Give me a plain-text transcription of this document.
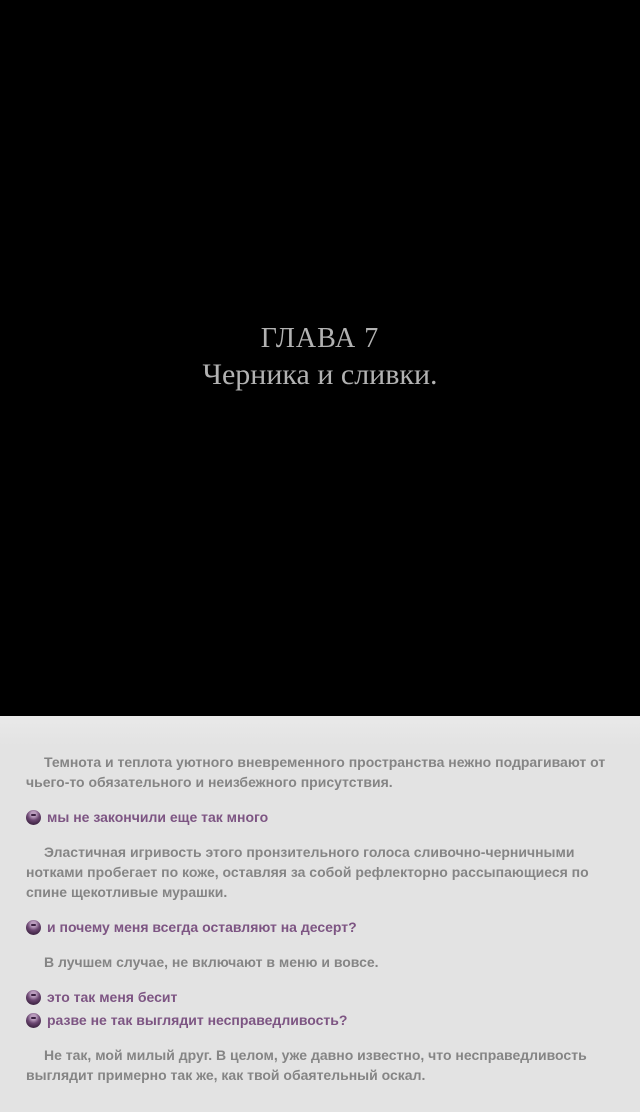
ГЛАВА 7
Черника и сливки.

Темнота и теплота уютного вневременного пространства нежно подрагивают от
чьего-то обязательного и неизбежного присутствия.

мы не закончили еще так много

Эластичная игривость этого пронзительного голоса сливочно-черничными
нотками пробегает по коже, оставляя за собой рефлекторно рассыпающиеся по
спине щекотливые мурашки.

и почему меня всегда оставляют на десерт?

В лучшем случае, не включают в меню и вовсе.

это так меня бесит

разве не так выглядит несправедливость?

Не так, мой милый друг. В целом, уже давно известно, что несправедливость
выглядит примерно так же, как твой обаятельный оскал.
